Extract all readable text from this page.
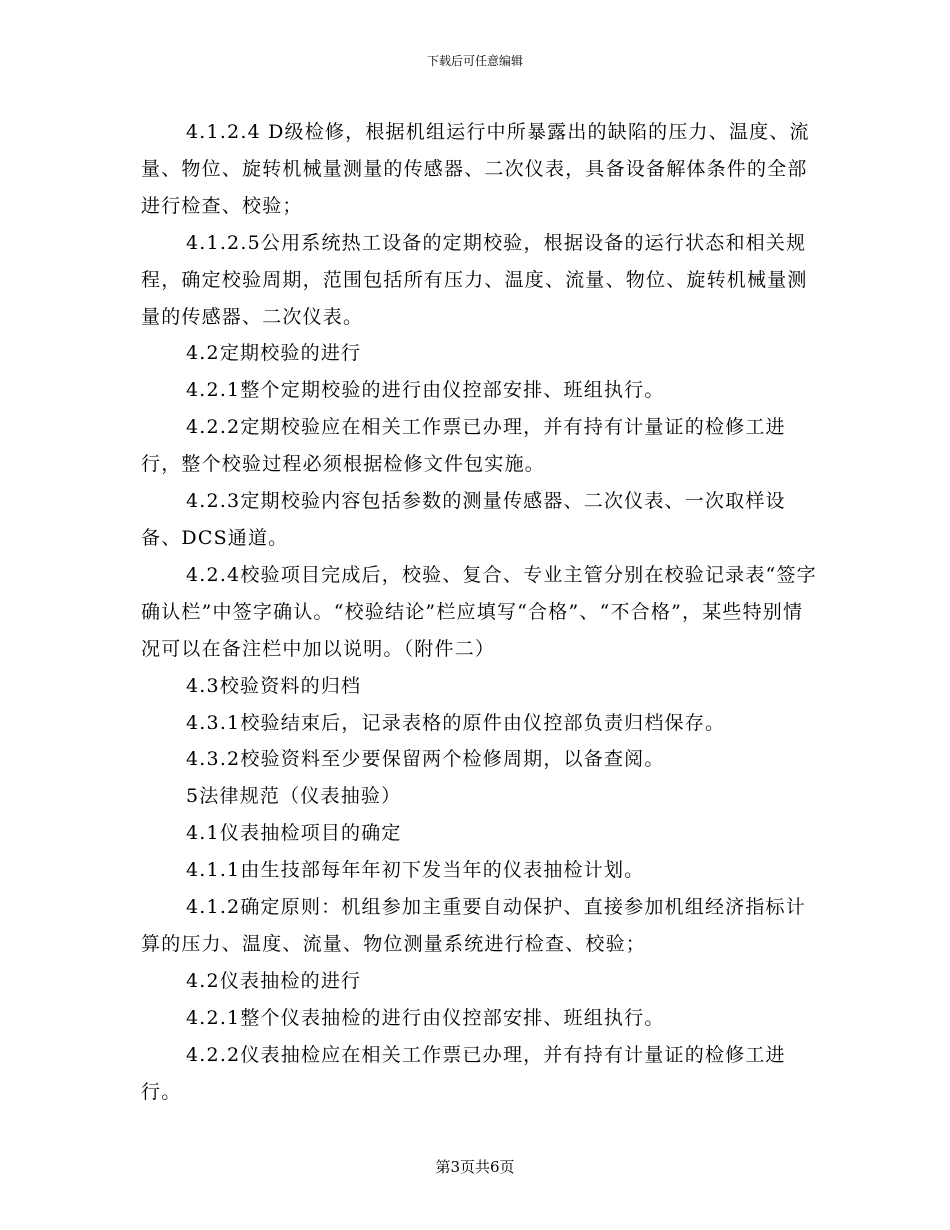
下载后可任意编辑

4.1.2.4 D级检修，根据机组运行中所暴露出的缺陷的压力、温度、流量、物位、旋转机械量测量的传感器、二次仪表，具备设备解体条件的全部进行检查、校验；

4.1.2.5公用系统热工设备的定期校验，根据设备的运行状态和相关规程，确定校验周期，范围包括所有压力、温度、流量、物位、旋转机械量测量的传感器、二次仪表。

4.2定期校验的进行

4.2.1整个定期校验的进行由仪控部安排、班组执行。

4.2.2定期校验应在相关工作票已办理，并有持有计量证的检修工进行，整个校验过程必须根据检修文件包实施。

4.2.3定期校验内容包括参数的测量传感器、二次仪表、一次取样设备、DCS通道。

4.2.4校验项目完成后，校验、复合、专业主管分别在校验记录表“签字确认栏”中签字确认。“校验结论”栏应填写“合格”、“不合格”，某些特别情况可以在备注栏中加以说明。（附件二）

4.3校验资料的归档

4.3.1校验结束后，记录表格的原件由仪控部负责归档保存。

4.3.2校验资料至少要保留两个检修周期，以备查阅。

5法律规范（仪表抽验）

4.1仪表抽检项目的确定

4.1.1由生技部每年年初下发当年的仪表抽检计划。

4.1.2确定原则：机组参加主重要自动保护、直接参加机组经济指标计算的压力、温度、流量、物位测量系统进行检查、校验；

4.2仪表抽检的进行

4.2.1整个仪表抽检的进行由仪控部安排、班组执行。

4.2.2仪表抽检应在相关工作票已办理，并有持有计量证的检修工进行。

第3页共6页
